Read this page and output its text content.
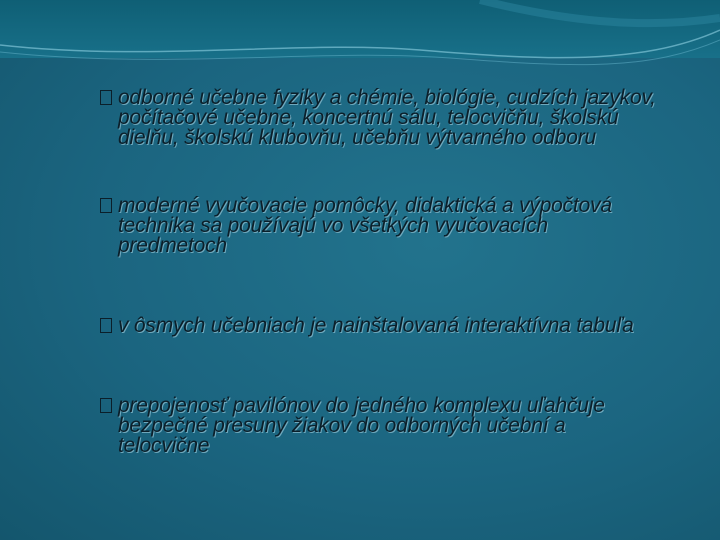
odborné učebne fyziky a chémie, biológie, cudzích jazykov, počítačové učebne, koncertnú sálu, telocvičňu, školskú dielňu, školskú klubovňu, učebňu výtvarného odboru
moderné vyučovacie pomôcky, didaktická a výpočtová technika sa používajú vo všetkých vyučovacích predmetoch
v ôsmych učebniach je nainštalovaná interaktívna tabuľa
prepojenosť pavilónov do jedného komplexu uľahčuje bezpečné presuny žiakov do odborných učební a telocvične
